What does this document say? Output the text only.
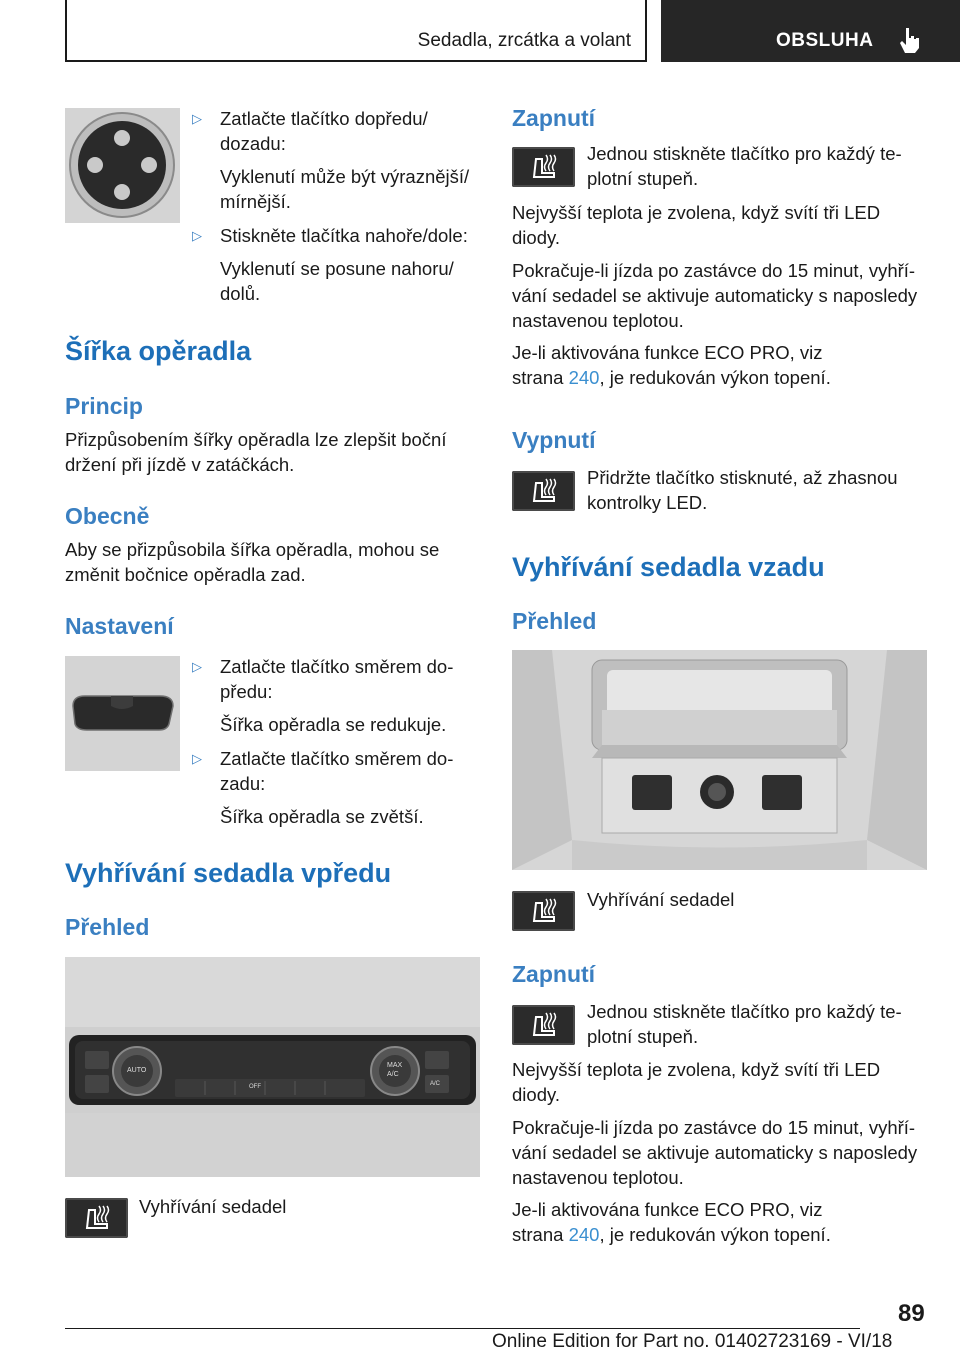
Sedadla, zrcátka a volant	OBSLUHA
▷ Zatlačte tlačítko dopředu/
dozadu:
Vyklenutí může být výraznější/
mírnější.
▷ Stiskněte tlačítka nahoře/dole:
Vyklenutí se posune nahoru/
dolů.
Šířka opěradla
Princip
Přizpůsobením šířky opěradla lze zlepšit boční
držení při jízdě v zatáčkách.
Obecně
Aby se přizpůsobila šířka opěradla, mohou se
změnit bočnice opěradla zad.
Nastavení
▷ Zatlačte tlačítko směrem do-
předu:
Šířka opěradla se redukuje.
▷ Zatlačte tlačítko směrem do-
zadu:
Šířka opěradla se zvětší.
Vyhřívání sedadla vpředu
Přehled
AUTO
MAX
A/C
OFF	A/C
Vyhřívání sedadel
Zapnutí
Jednou stiskněte tlačítko pro každý te-
plotní stupeň.
Nejvyšší teplota je zvolena, když svítí tři LED
diody.
Pokračuje-li jízda po zastávce do 15 minut, vyhří-
vání sedadel se aktivuje automaticky s naposledy
nastavenou teplotou.
Je-li aktivována funkce ECO PRO, viz
strana 240, je redukován výkon topení.
Vypnutí
Přidržte tlačítko stisknuté, až zhasnou
kontrolky LED.
Vyhřívání sedadla vzadu
Přehled
Vyhřívání sedadel
Zapnutí
Jednou stiskněte tlačítko pro každý te-
plotní stupeň.
Nejvyšší teplota je zvolena, když svítí tři LED
diody.
Pokračuje-li jízda po zastávce do 15 minut, vyhří-
vání sedadel se aktivuje automaticky s naposledy
nastavenou teplotou.
Je-li aktivována funkce ECO PRO, viz
strana 240, je redukován výkon topení.
89
Online Edition for Part no. 01402723169 - VI/18
